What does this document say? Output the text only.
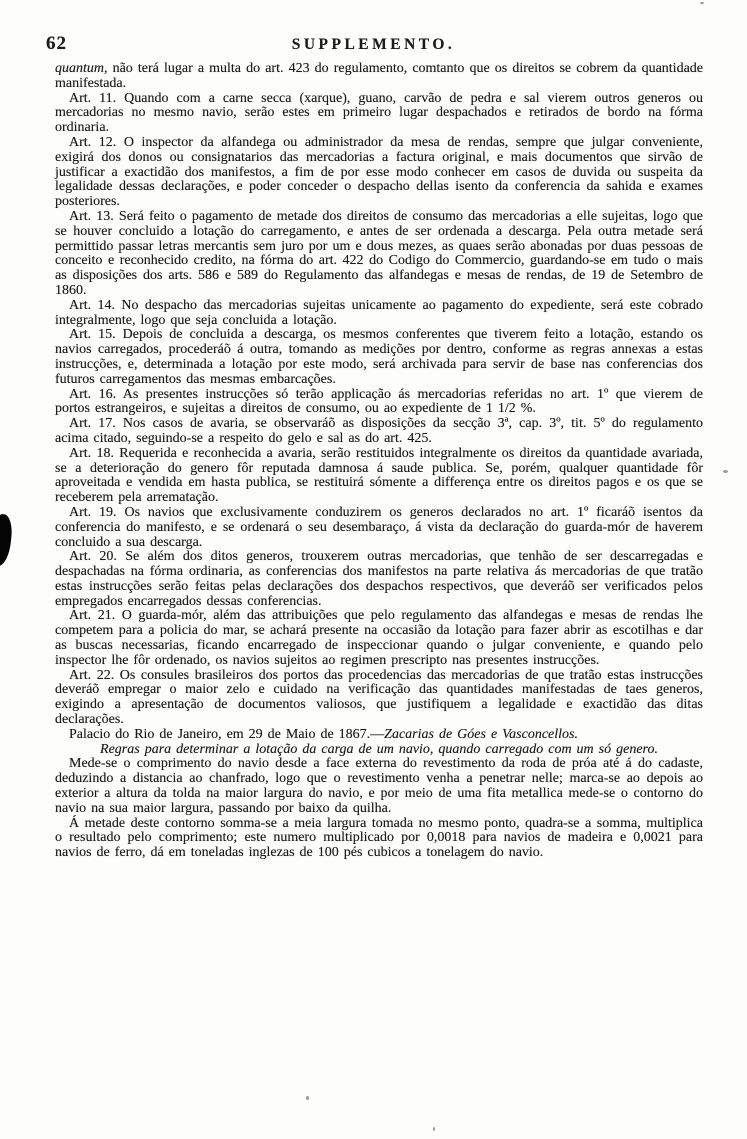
62	SUPPLEMENTO.

quantum, não terá lugar a multa do art. 423 do regulamento, comtanto que os direitos se cobrem da quantidade manifestada.

Art. 11. Quando com a carne secca (xarque), guano, carvão de pedra e sal vierem outros generos ou mercadorias no mesmo navio, serão estes em primeiro lugar despachados e retirados de bordo na fórma ordinaria.

Art. 12. O inspector da alfandega ou administrador da mesa de rendas, sempre que julgar conveniente, exigirá dos donos ou consignatarios das mercadorias a factura original, e mais documentos que sirvão de justificar a exactidão dos manifestos, a fim de por esse modo conhecer em casos de duvida ou suspeita da legalidade dessas declarações, e poder conceder o despacho dellas isento da conferencia da sahida e exames posteriores.

Art. 13. Será feito o pagamento de metade dos direitos de consumo das mercadorias a elle sujeitas, logo que se houver concluido a lotação do carregamento, e antes de ser ordenada a descarga. Pela outra metade será permittido passar letras mercantis sem juro por um e dous mezes, as quaes serão abonadas por duas pessoas de conceito e reconhecido credito, na fórma do art. 422 do Codigo do Commercio, guardando-se em tudo o mais as disposições dos arts. 586 e 589 do Regulamento das alfandegas e mesas de rendas, de 19 de Setembro de 1860.

Art. 14. No despacho das mercadorias sujeitas unicamente ao pagamento do expediente, será este cobrado integralmente, logo que seja concluida a lotação.

Art. 15. Depois de concluida a descarga, os mesmos conferentes que tiverem feito a lotação, estando os navios carregados, procederáõ á outra, tomando as medições por dentro, conforme as regras annexas a estas instrucções, e, determinada a lotação por este modo, será archivada para servir de base nas conferencias dos futuros carregamentos das mesmas embarcações.

Art. 16. As presentes instrucções só terão applicação ás mercadorias referidas no art. 1º que vierem de portos estrangeiros, e sujeitas a direitos de consumo, ou ao expediente de 1 1/2 %.

Art. 17. Nos casos de avaria, se observaráõ as disposições da secção 3ª, cap. 3º, tit. 5º do regulamento acima citado, seguindo-se a respeito do gelo e sal as do art. 425.

Art. 18. Requerida e reconhecida a avaria, serão restituidos integralmente os direitos da quantidade avariada, se a deterioração do genero fôr reputada damnosa á saude publica. Se, porém, qualquer quantidade fôr aproveitada e vendida em hasta publica, se restituirá sómente a differença entre os direitos pagos e os que se receberem pela arrematação.

Art. 19. Os navios que exclusivamente conduzirem os generos declarados no art. 1º ficaráõ isentos da conferencia do manifesto, e se ordenará o seu desembaraço, á vista da declaração do guarda-mór de haverem concluido a sua descarga.

Art. 20. Se além dos ditos generos, trouxerem outras mercadorias, que tenhão de ser descarregadas e despachadas na fórma ordinaria, as conferencias dos manifestos na parte relativa ás mercadorias de que tratão estas instrucções serão feitas pelas declarações dos despachos respectivos, que deveráõ ser verificados pelos empregados encarregados dessas conferencias.

Art. 21. O guarda-mór, além das attribuições que pelo regulamento das alfandegas e mesas de rendas lhe competem para a policia do mar, se achará presente na occasião da lotação para fazer abrir as escotilhas e dar as buscas necessarias, ficando encarregado de inspeccionar quando o julgar conveniente, e quando pelo inspector lhe fôr ordenado, os navios sujeitos ao regimen prescripto nas presentes instrucções.

Art. 22. Os consules brasileiros dos portos das procedencias das mercadorias de que tratão estas instrucções deveráõ empregar o maior zelo e cuidado na verificação das quantidades manifestadas de taes generos, exigindo a apresentação de documentos valiosos, que justifiquem a legalidade e exactidão das ditas declarações.

Palacio do Rio de Janeiro, em 29 de Maio de 1867.—Zacarias de Góes e Vasconcellos.

Regras para determinar a lotação da carga de um navio, quando carregado com um só genero.

Mede-se o comprimento do navio desde a face externa do revestimento da roda de próa até á do cadaste, deduzindo a distancia ao chanfrado, logo que o revestimento venha a penetrar nelle; marca-se ao depois ao exterior a altura da tolda na maior largura do navio, e por meio de uma fita metallica mede-se o contorno do navio na sua maior largura, passando por baixo da quilha.

Á metade deste contorno somma-se a meia largura tomada no mesmo ponto, quadra-se a somma, multiplica o resultado pelo comprimento; este numero multiplicado por 0,0018 para navios de madeira e 0,0021 para navios de ferro, dá em toneladas inglezas de 100 pés cubicos a tonelagem do navio.
